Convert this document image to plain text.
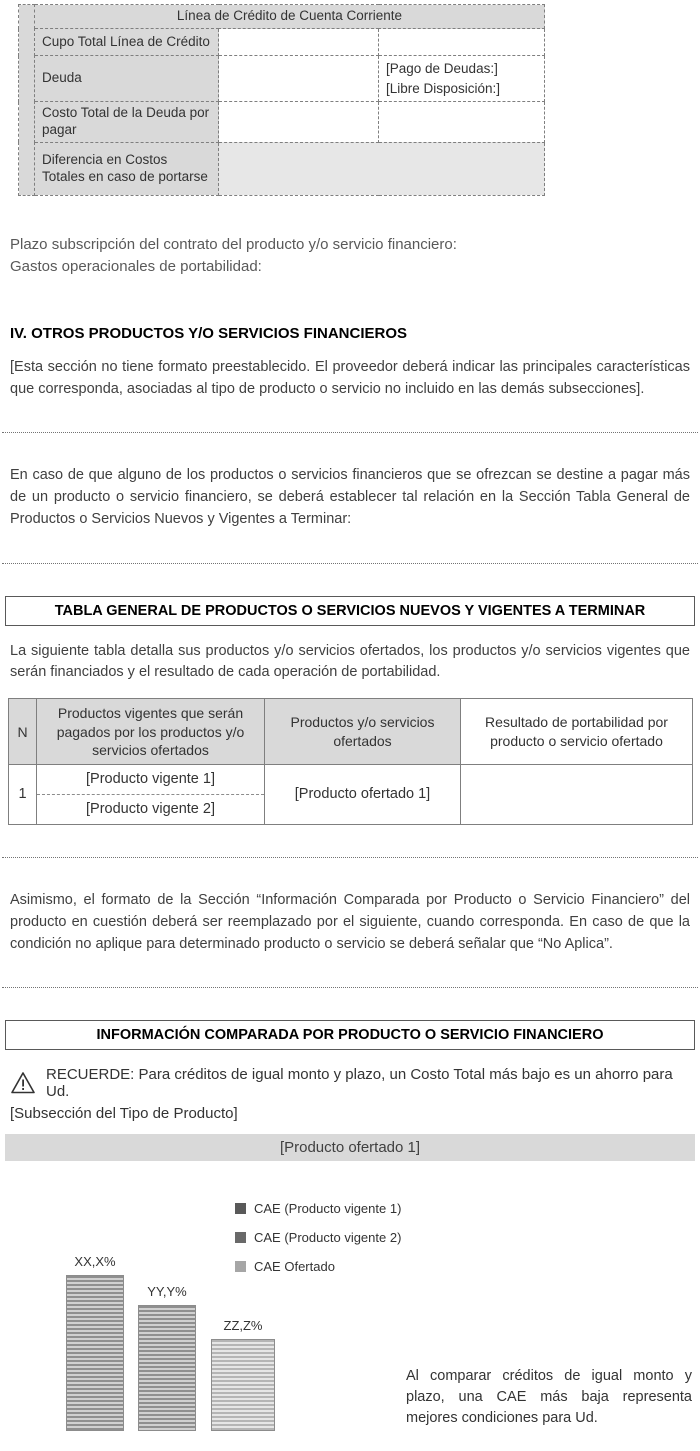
	Línea de Crédito de Cuenta Corriente		
	Cupo Total Línea de Crédito		
	Deuda		[Pago de Deudas:]
[Libre Disposición:]

	Costo Total de la Deuda por pagar		
	Diferencia en Costos Totales en caso de portarse		

Plazo subscripción del contrato del producto y/o servicio financiero:

Gastos operacionales de portabilidad:

IV. OTROS PRODUCTOS Y/O SERVICIOS FINANCIEROS

[Esta sección no tiene formato preestablecido. El proveedor deberá indicar las principales características que corresponda, asociadas al tipo de producto o servicio no incluido en las demás subsecciones].

En caso de que alguno de los productos o servicios financieros que se ofrezcan se destine a pagar más de un producto o servicio financiero, se deberá establecer tal relación en la Sección Tabla General de Productos o Servicios Nuevos y Vigentes a Terminar:

TABLA GENERAL DE PRODUCTOS O SERVICIOS NUEVOS Y VIGENTES A TERMINAR

La siguiente tabla detalla sus productos y/o servicios ofertados, los productos y/o servicios vigentes que serán financiados y el resultado de cada operación de portabilidad.

N	Productos vigentes que serán pagados por los productos y/o servicios ofertados	Productos y/o servicios ofertados	Resultado de portabilidad por producto o servicio ofertado
1	[Producto vigente 1]	[Producto ofertado 1]	
	[Producto vigente 2]		

Asimismo, el formato de la Sección “Información Comparada por Producto o Servicio Financiero” del producto en cuestión deberá ser reemplazado por el siguiente, cuando corresponda. En caso de que la condición no aplique para determinado producto o servicio se deberá señalar que “No Aplica”.

INFORMACIÓN COMPARADA POR PRODUCTO O SERVICIO FINANCIERO
RECUERDE: Para créditos de igual monto y plazo, un Costo Total más bajo es un ahorro para Ud.

[Subsección del Tipo de Producto]

[Producto ofertado 1]
CAE (Producto vigente 1)
CAE (Producto vigente 2)
CAE Ofertado
XX,X%
YY,Y%
ZZ,Z%

Al comparar créditos de igual monto y plazo, una CAE más baja representa mejores condiciones para Ud.
